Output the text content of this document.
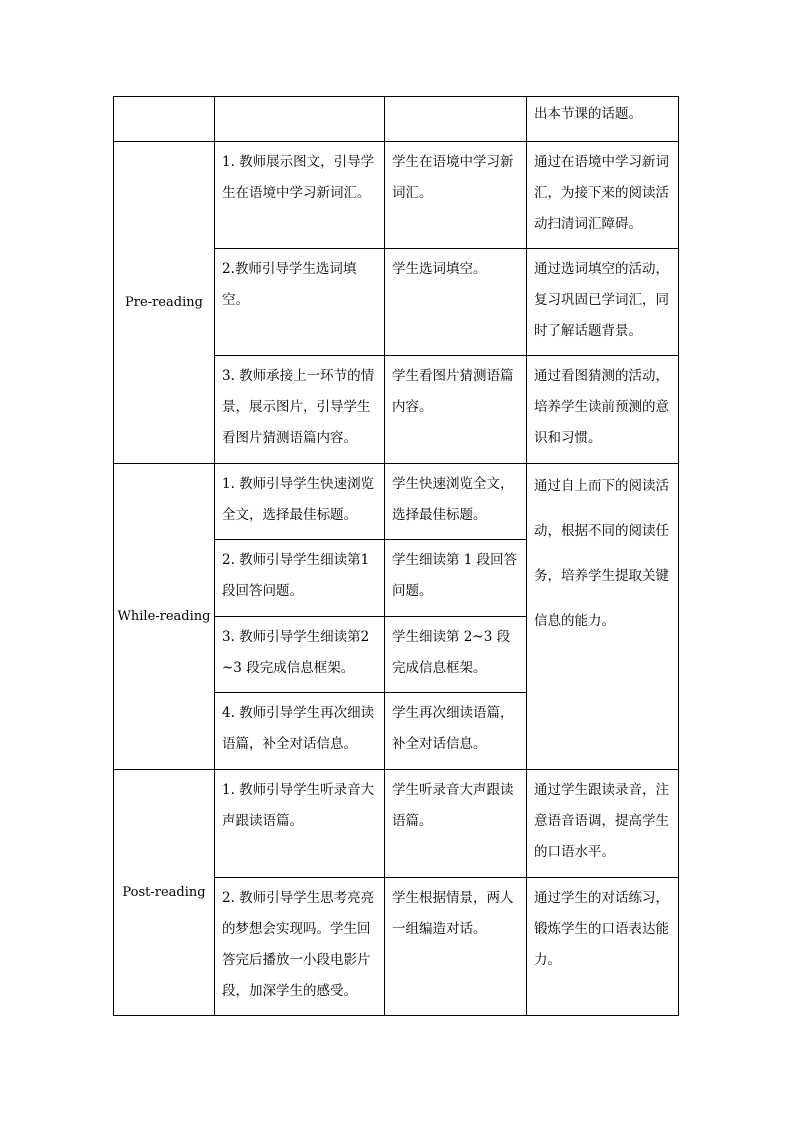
			出本节课的话题。
Pre-reading	1. 教师展示图文，引导学生在语境中学习新词汇。	学生在语境中学习新词汇。	通过在语境中学习新词汇，为接下来的阅读活动扫清词汇障碍。
	2.教师引导学生选词填空。	学生选词填空。	通过选词填空的活动，复习巩固已学词汇，同时了解话题背景。
	3. 教师承接上一环节的情景，展示图片，引导学生看图片猜测语篇内容。	学生看图片猜测语篇内容。	通过看图猜测的活动，培养学生读前预测的意识和习惯。
While-reading	1. 教师引导学生快速浏览全文，选择最佳标题。	学生快速浏览全文，选择最佳标题。	通过自上而下的阅读活动，根据不同的阅读任务，培养学生提取关键信息的能力。
	2. 教师引导学生细读第1段回答问题。	学生细读第 1 段回答问题。	
	3. 教师引导学生细读第2~3 段完成信息框架。	学生细读第 2~3 段完成信息框架。	
	4. 教师引导学生再次细读语篇，补全对话信息。	学生再次细读语篇，补全对话信息。	
Post-reading	1. 教师引导学生听录音大声跟读语篇。	学生听录音大声跟读语篇。	通过学生跟读录音，注意语音语调，提高学生的口语水平。
	2. 教师引导学生思考亮亮的梦想会实现吗。学生回答完后播放一小段电影片段，加深学生的感受。	学生根据情景，两人一组编造对话。	通过学生的对话练习，锻炼学生的口语表达能力。
